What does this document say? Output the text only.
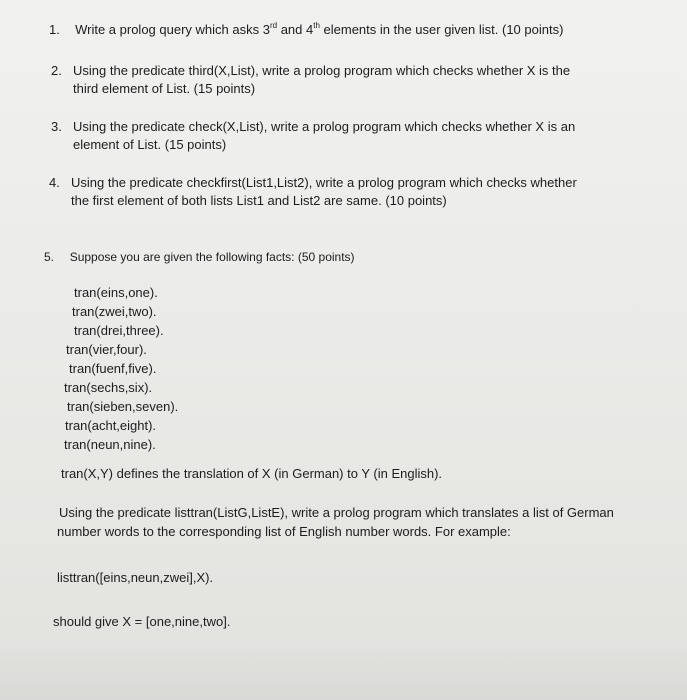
1. Write a prolog query which asks 3rd and 4th elements in the user given list. (10 points)
2. Using the predicate third(X,List), write a prolog program which checks whether X is the
third element of List. (15 points)
3. Using the predicate check(X,List), write a prolog program which checks whether X is an
element of List. (15 points)
4. Using the predicate checkfirst(List1,List2), write a prolog program which checks whether
the first element of both lists List1 and List2 are same. (10 points)
5. Suppose you are given the following facts: (50 points)
tran(eins,one).
tran(zwei,two).
tran(drei,three).
tran(vier,four).
tran(fuenf,five).
tran(sechs,six).
tran(sieben,seven).
tran(acht,eight).
tran(neun,nine).
tran(X,Y) defines the translation of X (in German) to Y (in English).
Using the predicate listtran(ListG,ListE), write a prolog program which translates a list of German
number words to the corresponding list of English number words. For example:
listtran([eins,neun,zwei],X).
should give X = [one,nine,two].
